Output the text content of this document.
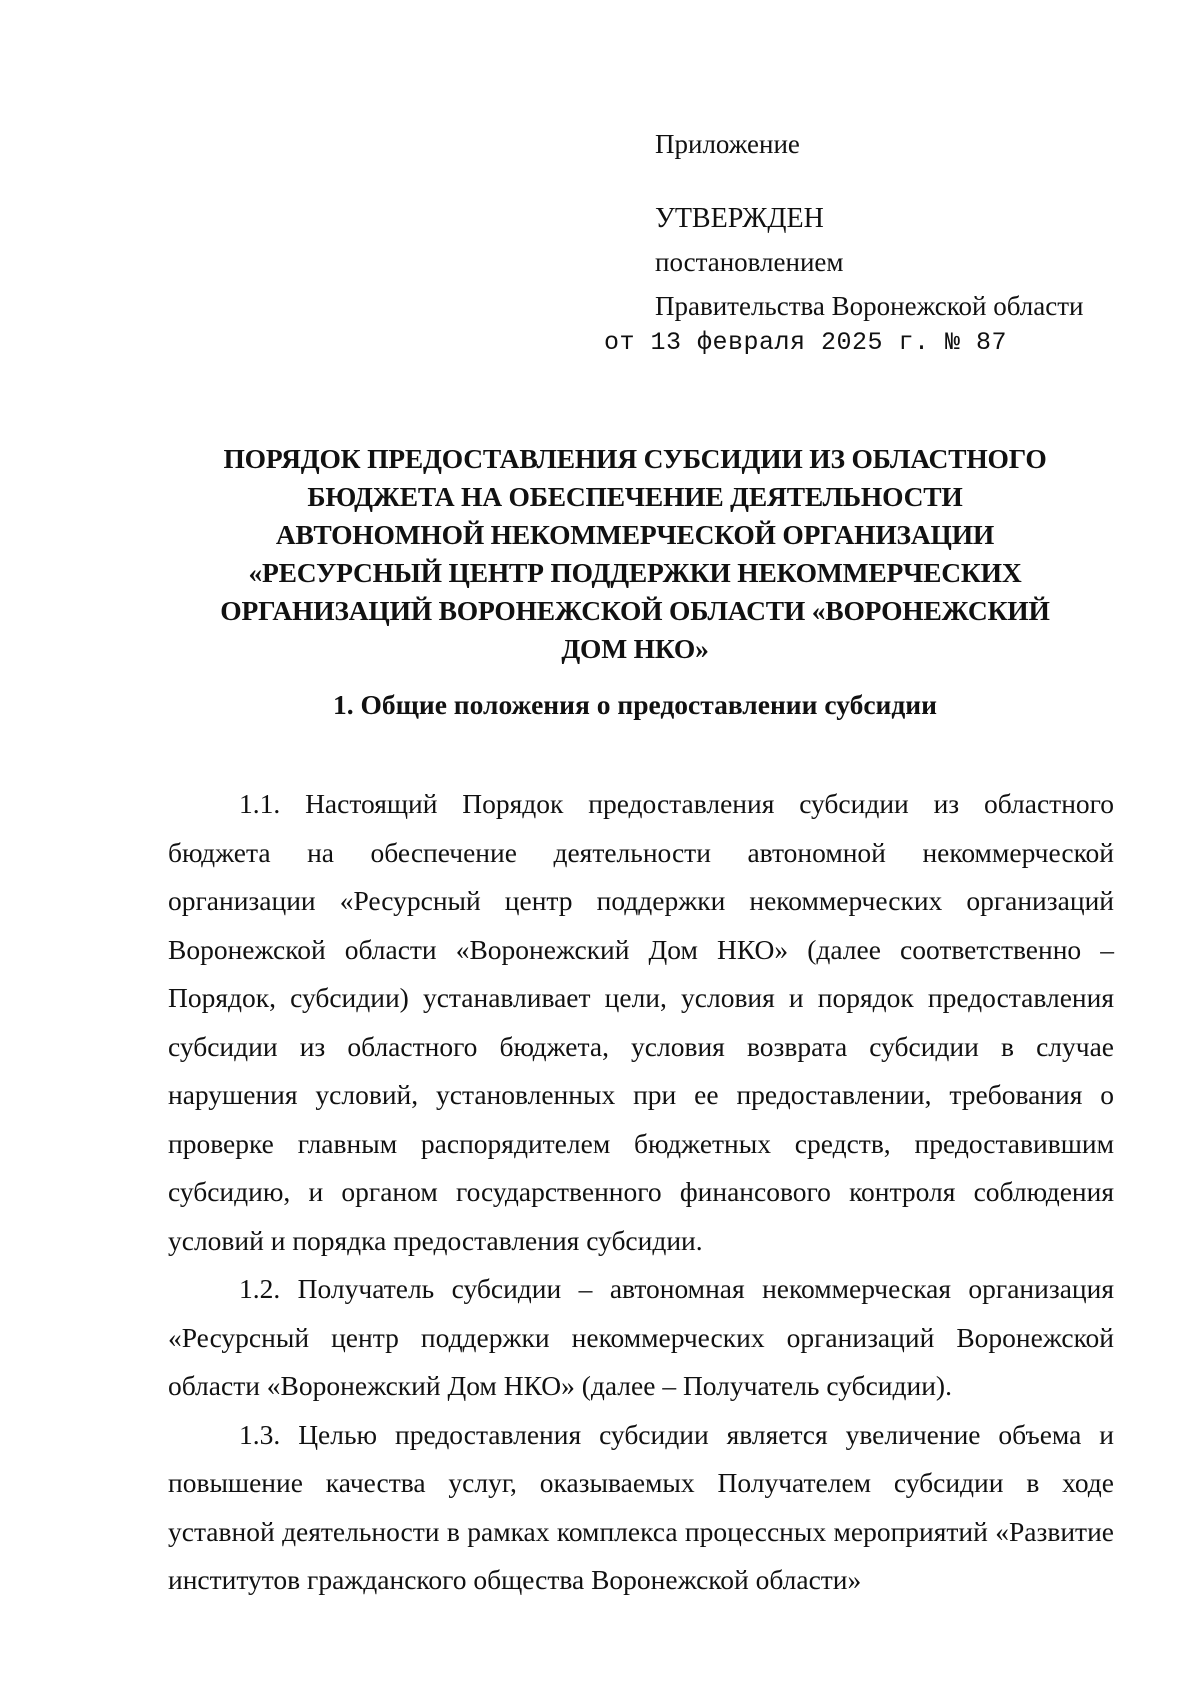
Приложение
УТВЕРЖДЕН
постановлением
Правительства Воронежской области
от 13 февраля 2025 г. № 87
ПОРЯДОК ПРЕДОСТАВЛЕНИЯ СУБСИДИИ ИЗ ОБЛАСТНОГО
БЮДЖЕТА НА ОБЕСПЕЧЕНИЕ ДЕЯТЕЛЬНОСТИ
АВТОНОМНОЙ НЕКОММЕРЧЕСКОЙ ОРГАНИЗАЦИИ
«РЕСУРСНЫЙ ЦЕНТР ПОДДЕРЖКИ НЕКОММЕРЧЕСКИХ
ОРГАНИЗАЦИЙ ВОРОНЕЖСКОЙ ОБЛАСТИ «ВОРОНЕЖСКИЙ
ДОМ НКО»
1. Общие положения о предоставлении субсидии

1.1. Настоящий Порядок предоставления субсидии из областного бюджета на обеспечение деятельности автономной некоммерческой организации «Ресурсный центр поддержки некоммерческих организаций Воронежской области «Воронежский Дом НКО» (далее соответственно – Порядок, субсидии) устанавливает цели, условия и порядок предоставления субсидии из областного бюджета, условия возврата субсидии в случае нарушения условий, установленных при ее предоставлении, требования о проверке главным распорядителем бюджетных средств, предоставившим субсидию, и органом государственного финансового контроля соблюдения условий и порядка предоставления субсидии.

1.2. Получатель субсидии – автономная некоммерческая организация «Ресурсный центр поддержки некоммерческих организаций Воронежской области «Воронежский Дом НКО» (далее – Получатель субсидии).

1.3. Целью предоставления субсидии является увеличение объема и повышение качества услуг, оказываемых Получателем субсидии в ходе уставной деятельности в рамках комплекса процессных мероприятий «Развитие институтов гражданского общества Воронежской области»
